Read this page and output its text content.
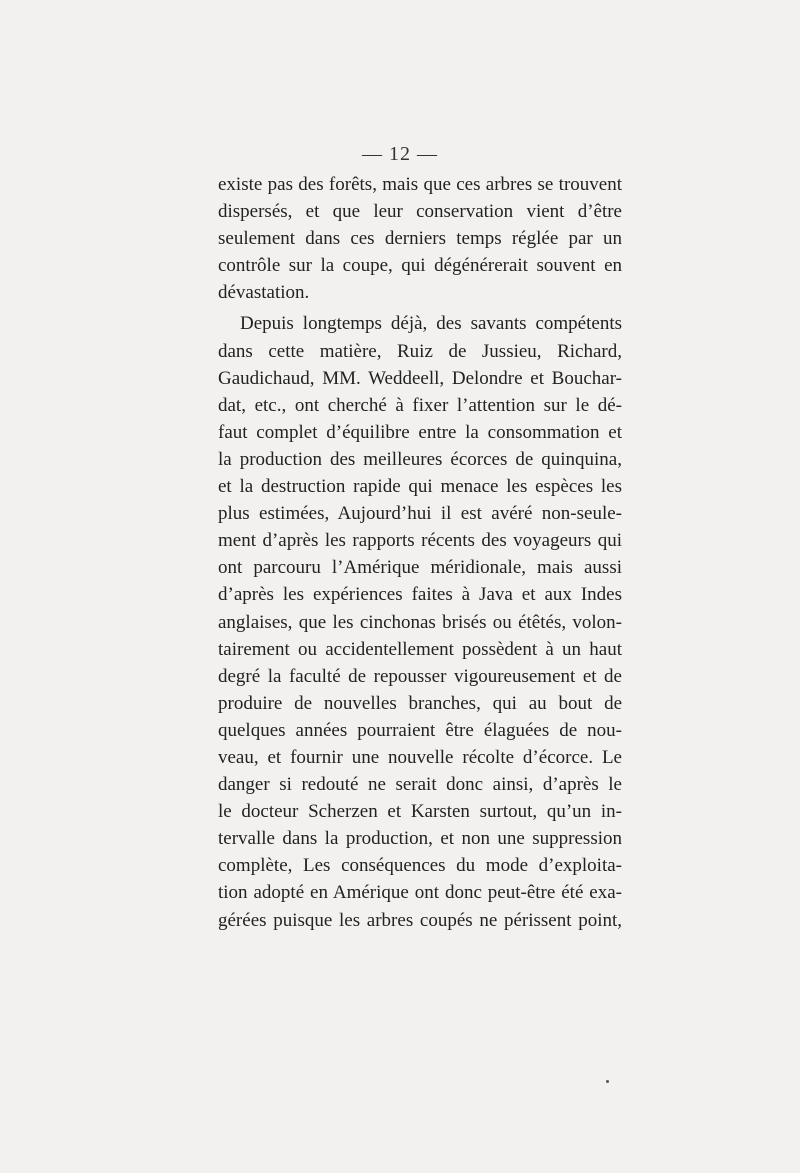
— 12 —
existe pas des forêts, mais que ces arbres se trouvent
dispersés, et que leur conservation vient d’être
seulement dans ces derniers temps réglée par un
contrôle sur la coupe, qui dégénérerait souvent en
dévastation.
Depuis longtemps déjà, des savants compétents
dans cette matière, Ruiz de Jussieu, Richard,
Gaudichaud, MM. Weddeell, Delondre et Bouchar-
dat, etc., ont cherché à fixer l’attention sur le dé-
faut complet d’équilibre entre la consommation et
la production des meilleures écorces de quinquina,
et la destruction rapide qui menace les espèces les
plus estimées, Aujourd’hui il est avéré non-seule-
ment d’après les rapports récents des voyageurs qui
ont parcouru l’Amérique méridionale, mais aussi
d’après les expériences faites à Java et aux Indes
anglaises, que les cinchonas brisés ou étêtés, volon-
tairement ou accidentellement possèdent à un haut
degré la faculté de repousser vigoureusement et de
produire de nouvelles branches, qui au bout de
quelques années pourraient être élaguées de nou-
veau, et fournir une nouvelle récolte d’écorce. Le
danger si redouté ne serait donc ainsi, d’après le
le docteur Scherzen et Karsten surtout, qu’un in-
tervalle dans la production, et non une suppression
complète, Les conséquences du mode d’exploita-
tion adopté en Amérique ont donc peut-être été exa-
gérées puisque les arbres coupés ne périssent point,
